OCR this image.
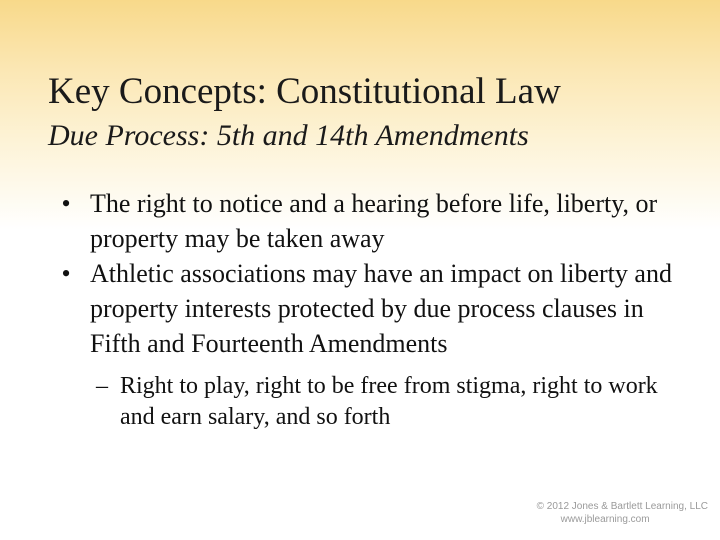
Key Concepts: Constitutional Law
Due Process: 5th and 14th Amendments
• The right to notice and a hearing before life, liberty, or property may be taken away
• Athletic associations may have an impact on liberty and property interests protected by due process clauses in Fifth and Fourteenth Amendments
– Right to play, right to be free from stigma, right to work and earn salary, and so forth
© 2012 Jones & Bartlett Learning, LLC
www.jblearning.com
